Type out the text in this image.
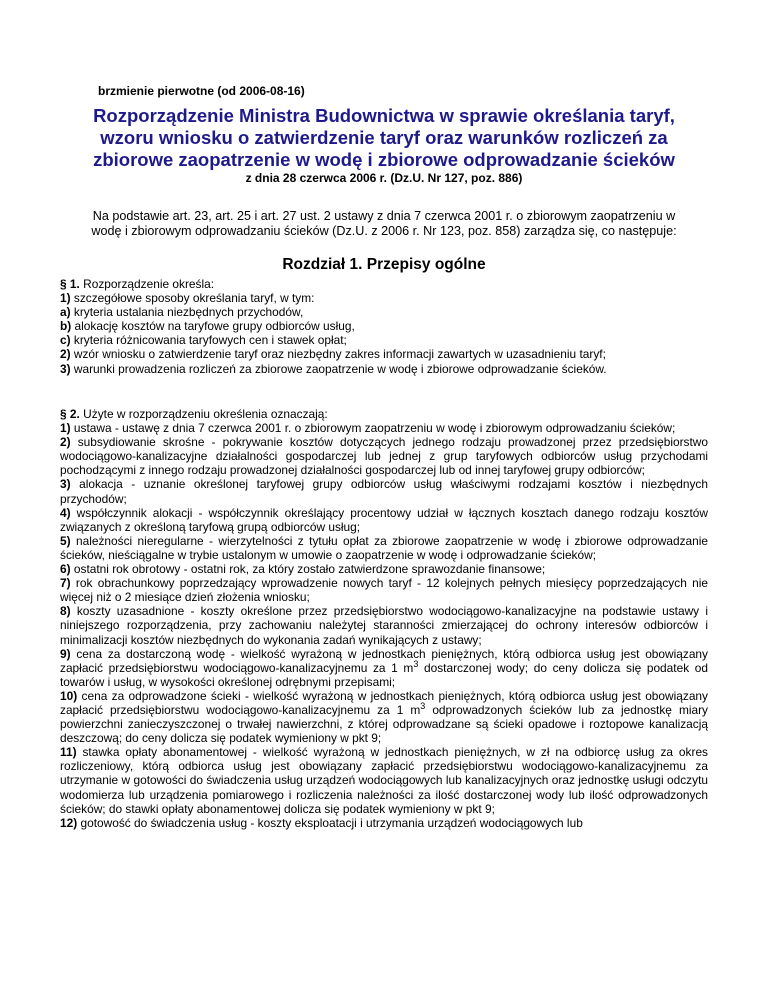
brzmienie pierwotne (od 2006-08-16)
Rozporządzenie Ministra Budownictwa w sprawie określania taryf, wzoru wniosku o zatwierdzenie taryf oraz warunków rozliczeń za zbiorowe zaopatrzenie w wodę i zbiorowe odprowadzanie ścieków
z dnia 28 czerwca 2006 r. (Dz.U. Nr 127, poz. 886)
Na podstawie art. 23, art. 25 i art. 27 ust. 2 ustawy z dnia 7 czerwca 2001 r. o zbiorowym zaopatrzeniu w wodę i zbiorowym odprowadzaniu ścieków (Dz.U. z 2006 r. Nr 123, poz. 858) zarządza się, co następuje:
Rozdział 1. Przepisy ogólne

§ 1. Rozporządzenie określa:

1) szczegółowe sposoby określania taryf, w tym:

a) kryteria ustalania niezbędnych przychodów,

b) alokację kosztów na taryfowe grupy odbiorców usług,

c) kryteria różnicowania taryfowych cen i stawek opłat;

2) wzór wniosku o zatwierdzenie taryf oraz niezbędny zakres informacji zawartych w uzasadnieniu taryf;

3) warunki prowadzenia rozliczeń za zbiorowe zaopatrzenie w wodę i zbiorowe odprowadzanie ścieków.

§ 2. Użyte w rozporządzeniu określenia oznaczają:

1) ustawa - ustawę z dnia 7 czerwca 2001 r. o zbiorowym zaopatrzeniu w wodę i zbiorowym odprowadzaniu ścieków;

2) subsydiowanie skrośne - pokrywanie kosztów dotyczących jednego rodzaju prowadzonej przez przedsiębiorstwo wodociągowo-kanalizacyjne działalności gospodarczej lub jednej z grup taryfowych odbiorców usług przychodami pochodzącymi z innego rodzaju prowadzonej działalności gospodarczej lub od innej taryfowej grupy odbiorców;

3) alokacja - uznanie określonej taryfowej grupy odbiorców usług właściwymi rodzajami kosztów i niezbędnych przychodów;

4) współczynnik alokacji - współczynnik określający procentowy udział w łącznych kosztach danego rodzaju kosztów związanych z określoną taryfową grupą odbiorców usług;

5) należności nieregularne - wierzytelności z tytułu opłat za zbiorowe zaopatrzenie w wodę i zbiorowe odprowadzanie ścieków, nieściągalne w trybie ustalonym w umowie o zaopatrzenie w wodę i odprowadzanie ścieków;

6) ostatni rok obrotowy - ostatni rok, za który zostało zatwierdzone sprawozdanie finansowe;

7) rok obrachunkowy poprzedzający wprowadzenie nowych taryf - 12 kolejnych pełnych miesięcy poprzedzających nie więcej niż o 2 miesiące dzień złożenia wniosku;

8) koszty uzasadnione - koszty określone przez przedsiębiorstwo wodociągowo-kanalizacyjne na podstawie ustawy i niniejszego rozporządzenia, przy zachowaniu należytej staranności zmierzającej do ochrony interesów odbiorców i minimalizacji kosztów niezbędnych do wykonania zadań wynikających z ustawy;

9) cena za dostarczoną wodę - wielkość wyrażoną w jednostkach pieniężnych, którą odbiorca usług jest obowiązany zapłacić przedsiębiorstwu wodociągowo-kanalizacyjnemu za 1 $m^3$ dostarczonej wody; do ceny dolicza się podatek od towarów i usług, w wysokości określonej odrębnymi przepisami;

10) cena za odprowadzone ścieki - wielkość wyrażoną w jednostkach pieniężnych, którą odbiorca usług jest obowiązany zapłacić przedsiębiorstwu wodociągowo-kanalizacyjnemu za 1 $m^3$ odprowadzonych ścieków lub za jednostkę miary powierzchni zanieczyszczonej o trwałej nawierzchni, z której odprowadzane są ścieki opadowe i roztopowe kanalizacją deszczową; do ceny dolicza się podatek wymieniony w pkt 9;

11) stawka opłaty abonamentowej - wielkość wyrażoną w jednostkach pieniężnych, w zł na odbiorcę usług za okres rozliczeniowy, którą odbiorca usług jest obowiązany zapłacić przedsiębiorstwu wodociągowo-kanalizacyjnemu za utrzymanie w gotowości do świadczenia usług urządzeń wodociągowych lub kanalizacyjnych oraz jednostkę usługi odczytu wodomierza lub urządzenia pomiarowego i rozliczenia należności za ilość dostarczonej wody lub ilość odprowadzonych ścieków; do stawki opłaty abonamentowej dolicza się podatek wymieniony w pkt 9;

12) gotowość do świadczenia usług - koszty eksploatacji i utrzymania urządzeń wodociągowych lub
